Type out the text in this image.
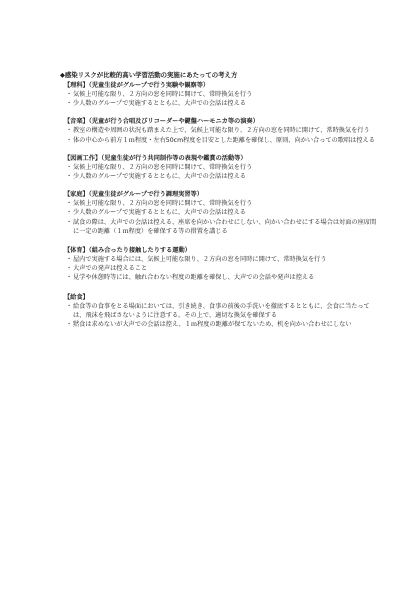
◆感染リスクが比較的高い学習活動の実施にあたっての考え方
【理科】（児童生徒がグループで行う実験や観察等）
・ 気候上可能な限り、２方向の窓を同時に開けて、常時換気を行う
・ 少人数のグループで実施するとともに、大声での会話は控える
【音楽】（児童が行う合唱及びリコーダーや鍵盤ハーモニカ等の演奏）
・ 教室の構造や周囲の状況も踏まえた上で、気候上可能な限り、２方向の窓を同時に開けて、常時換気を行う
・ 体の中心から前方１ｍ程度・左右50cm程度を目安とした距離を確保し、原則、向かい合っての歌唱は控える
【図画工作】（児童生徒が行う共同制作等の表現や鑑賞の活動等）
・ 気候上可能な限り、２方向の窓を同時に開けて、常時換気を行う
・ 少人数のグループで実施するとともに、大声での会話は控える
【家庭】（児童生徒がグループで行う調理実習等）
・ 気候上可能な限り、２方向の窓を同時に開けて、常時換気を行う
・ 少人数のグループで実施するとともに、大声での会話は控える
・ 試食の際は、大声での会話は控える、座席を向かい合わせにしない、向かい合わせにする場合は対面の座席間に一定の距離（１ｍ程度）を確保する等の措置を講じる
【体育】（組み合ったり接触したりする運動）
・ 屋内で実施する場合には、気候上可能な限り、２方向の窓を同時に開けて、常時換気を行う
・ 大声での発声は控えること
・ 見学や休憩時等には、触れ合わない程度の距離を確保し、大声での会話や発声は控える
【給食】
・ 給食等の食事をとる場面においては、引き続き、食事の前後の手洗いを徹底するとともに、会食に当たっては、飛沫を飛ばさないように注意する。その上で、適切な換気を確保する
・ 黙食は求めないが大声での会話は控え、１ｍ程度の距離が保てないため、机を向かい合わせにしない
